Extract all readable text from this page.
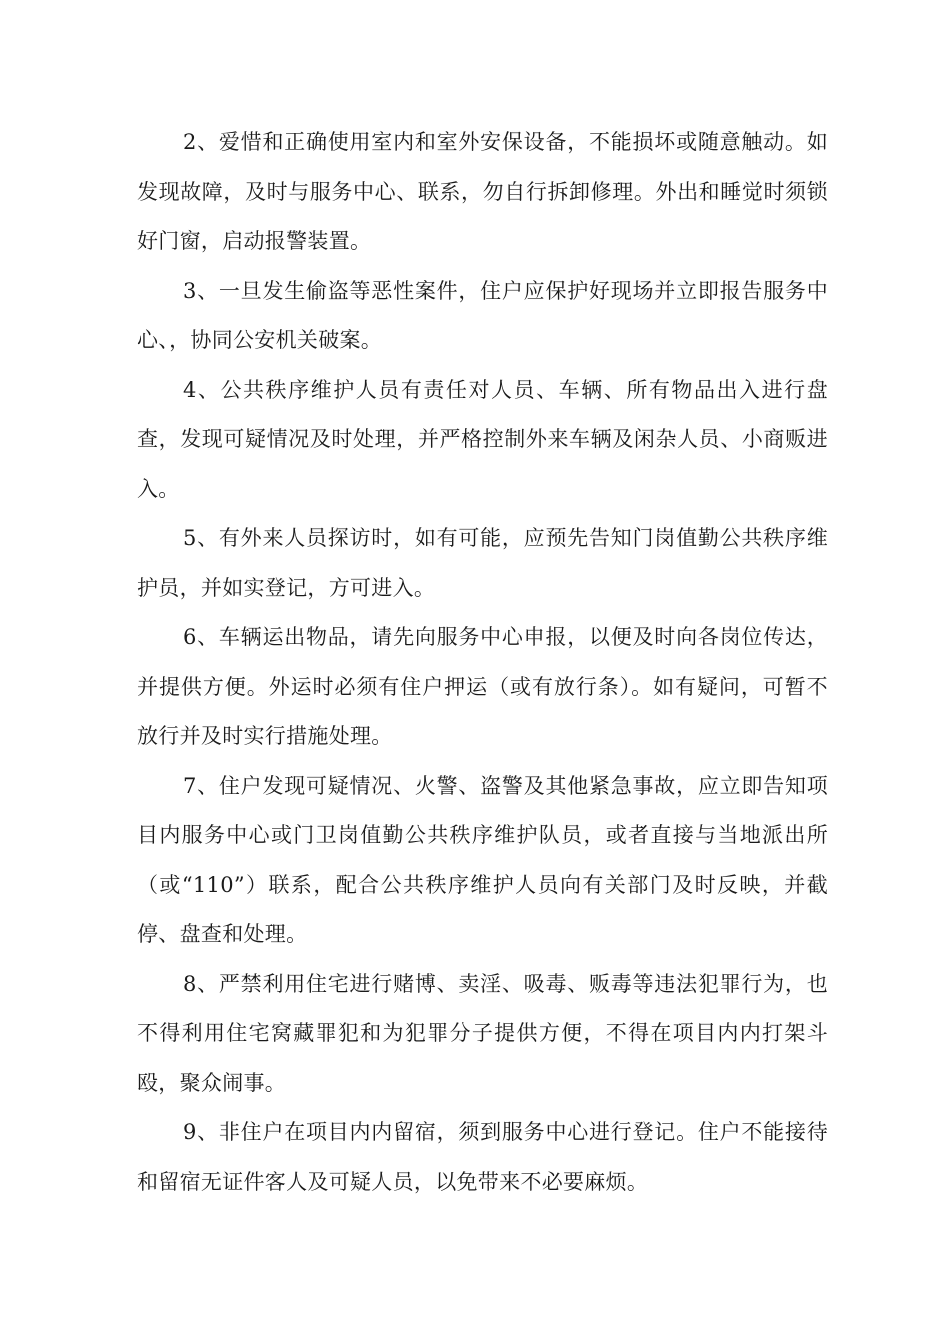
2、爱惜和正确使用室内和室外安保设备，不能损坏或随意触动。如发现故障，及时与服务中心、联系，勿自行拆卸修理。外出和睡觉时须锁好门窗，启动报警装置。

3、一旦发生偷盗等恶性案件，住户应保护好现场并立即报告服务中心、，协同公安机关破案。

4、公共秩序维护人员有责任对人员、车辆、所有物品出入进行盘查，发现可疑情况及时处理，并严格控制外来车辆及闲杂人员、小商贩进入。

5、有外来人员探访时，如有可能，应预先告知门岗值勤公共秩序维护员，并如实登记，方可进入。

6、车辆运出物品，请先向服务中心申报，以便及时向各岗位传达，并提供方便。外运时必须有住户押运（或有放行条）。如有疑问，可暂不放行并及时实行措施处理。

7、住户发现可疑情况、火警、盗警及其他紧急事故，应立即告知项目内服务中心或门卫岗值勤公共秩序维护队员，或者直接与当地派出所（或“110”）联系，配合公共秩序维护人员向有关部门及时反映，并截停、盘查和处理。

8、严禁利用住宅进行赌博、卖淫、吸毒、贩毒等违法犯罪行为，也不得利用住宅窝藏罪犯和为犯罪分子提供方便，不得在项目内内打架斗殴，聚众闹事。

9、非住户在项目内内留宿，须到服务中心进行登记。住户不能接待和留宿无证件客人及可疑人员，以免带来不必要麻烦。
